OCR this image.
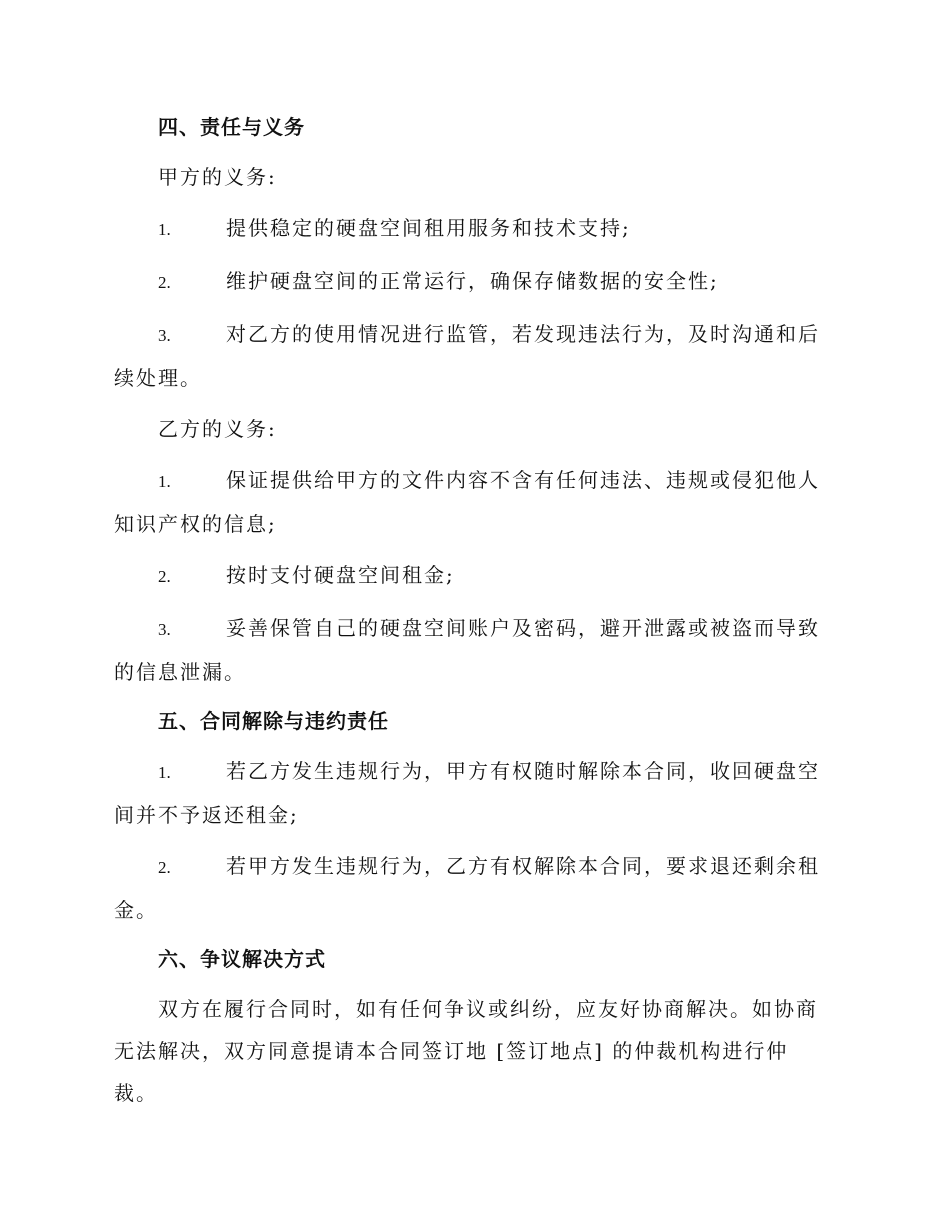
四、责任与义务
甲方的义务:
1.	提供稳定的硬盘空间租用服务和技术支持;
2.	维护硬盘空间的正常运行，确保存储数据的安全性;
3.	对乙方的使用情况进行监管，若发现违法行为，及时沟通和后续处理。
乙方的义务:
1.	保证提供给甲方的文件内容不含有任何违法、违规或侵犯他人知识产权的信息;
2.	按时支付硬盘空间租金;
3.	妥善保管自己的硬盘空间账户及密码，避开泄露或被盗而导致的信息泄漏。
五、合同解除与违约责任
1.	若乙方发生违规行为，甲方有权随时解除本合同，收回硬盘空间并不予返还租金;
2.	若甲方发生违规行为，乙方有权解除本合同，要求退还剩余租金。
六、争议解决方式
双方在履行合同时，如有任何争议或纠纷，应友好协商解决。如协商无法解决，双方同意提请本合同签订地 [签订地点] 的仲裁机构进行仲裁。
